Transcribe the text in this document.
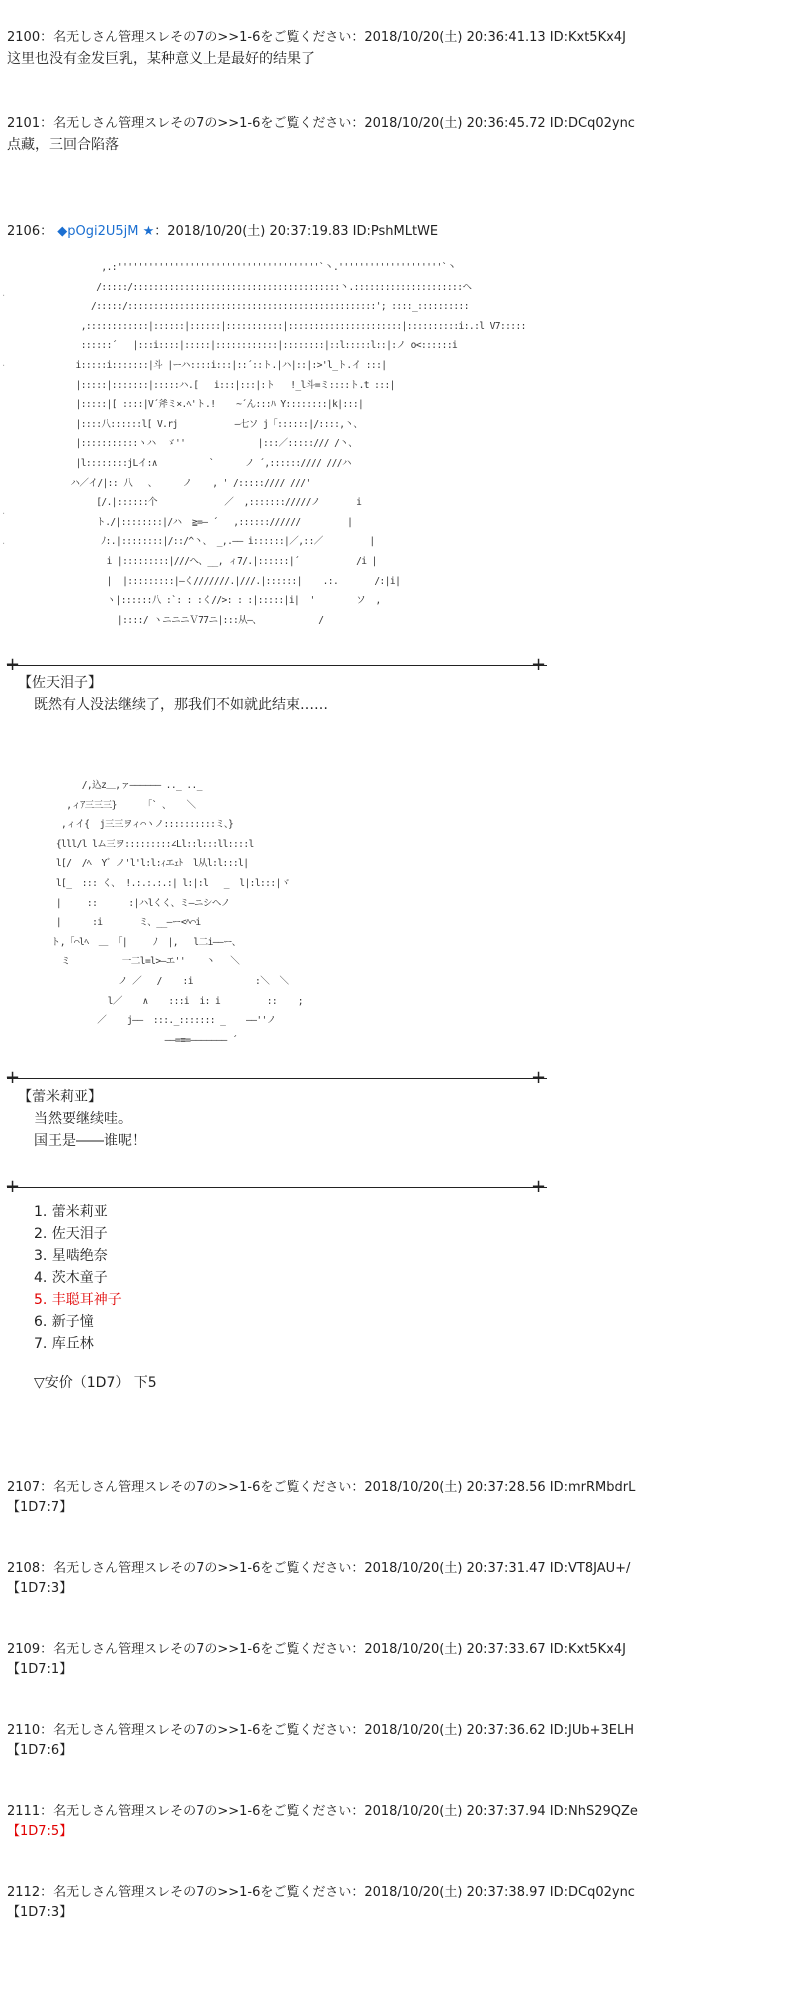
2100：名无しさん管理スレその7の>>1-6をご覧ください：2018/10/20(土) 20:36:41.13 ID:Kxt5Kx4J
这里也没有金发巨乳，某种意义上是最好的结果了
2101：名无しさん管理スレその7の>>1-6をご覧ください：2018/10/20(土) 20:36:45.72 ID:DCq02ync
点藏，三回合陷落
2106： ◆pOgi2U5jM ★：2018/10/20(土) 20:37:19.83 ID:PshMLtWE
.
.
.
.
,.:'''''''''''''''''''''''''''''''''''''''`丶.''''''''''''''''''''`丶
/:::::/::::::::::::::::::::::::::::::::::::::::丶.:::::::::::::::::::::ヘ
/:::::/::::::::::::::::::::::::::::::::::::::::::::::::'; ::::_::::::::::
,::::::::::::|::::::|::::::|:::::::::::|::::::::::::::::::::::|::::::::::i:.:l V7:::::
::::::´   |:::i::::|:::::|::::::::::::|::::::::|::l:::::l::|:ノ o<::::::i
i:::::i:::::::|斗 |ーハ::::i:::|::´::ト.|ハ|::|:>'l_ト.イ :::|
|:::::|:::::::|:::::ハ.[   i:::|:::|:ト   !_l斗=ミ::::ト.t :::|
|:::::|[ ::::|V´斧ミ×.ﾍ'ト.!    ~´ん:::ﾊ Y::::::::|k|:::|
|::::八::::::l[ V.rj           ‒七ソ j「::::::|/::::,丶、
|:::::::::::ヽハ  ゞ''              |:::／:::::/// /丶、
|l::::::::jLイ:∧          `      ノ ´,:::::://// ///ハ
ハ／イ/|:: 八   、     ノ    , ' /::::://// ///'
[/.|::::::个             ／  ,::::::://///ノ       i
ト./|::::::::|/ハ  ≧=‒ ´   ,:::::://////         |
ﾉ:.|::::::::|/::/^丶、 _,.‒‒ i::::::|／,::／         |
i |:::::::::|///へ、__, ィ7/.|::::::|´           /i |
|  |:::::::::|‒く///////.|///.|::::::|    .:.       /:|i|
ヽ|::::::八 :`: : :く//>: : :|:::::|i|  '        ソ  ,
|::::/ ヽニニニＶ77ニ|:::从‒、           /
+	+
【佐天泪子】
既然有人没法继续了，那我们不如就此结束……
/,込z＿,ァ‒‒‒‒‒‒ .._ .._
,ィｱ三三三}     「` 、   ＼
,ィイ{  j三三ヲィ⌒ヽノ::::::::::ミ、}
{lll/l lム三ヲ:::::::::∠Ll::l:::ll::::l
l[/  /ﾍ  Y゛ノ'l'l:l:ｨエｪﾄ  l从l:l:::l|
l[_  ::: く、 !.:.:.:.:| l:|:l   _  l|:l:::|ヾ
|     ::      :|ハlくく、ミ‒ニシヘノ
|      :i       ミ、__‒ー<ﾍ⌒i
ト,「⌒lﾍ  ＿ 「|     ﾉ  |,   l二i‒‒ー、
ミ          一二l=l>‒エ''    丶   ＼
ノ ／   /    :i            :＼  ＼
l／    ∧    :::i  i: i         ::    ;
／    j‒‒  :::._::::::: _    ‒‒''ノ
‒‒=≡=‒‒‒‒‒‒‒ ´
+	+
【蕾米莉亚】
当然要继续哇。
国王是――谁呢！
+	+
1. 蕾米莉亚
2. 佐天泪子
3. 星啮绝奈
4. 茨木童子
5. 丰聪耳神子
6. 新子憧
7. 库丘林
▽安价（1D7） 下5
2107：名无しさん管理スレその7の>>1-6をご覧ください：2018/10/20(土) 20:37:28.56 ID:mrRMbdrL
【1D7:7】
2108：名无しさん管理スレその7の>>1-6をご覧ください：2018/10/20(土) 20:37:31.47 ID:VT8JAU+/
【1D7:3】
2109：名无しさん管理スレその7の>>1-6をご覧ください：2018/10/20(土) 20:37:33.67 ID:Kxt5Kx4J
【1D7:1】
2110：名无しさん管理スレその7の>>1-6をご覧ください：2018/10/20(土) 20:37:36.62 ID:JUb+3ELH
【1D7:6】
2111：名无しさん管理スレその7の>>1-6をご覧ください：2018/10/20(土) 20:37:37.94 ID:NhS29QZe
【1D7:5】
2112：名无しさん管理スレその7の>>1-6をご覧ください：2018/10/20(土) 20:37:38.97 ID:DCq02ync
【1D7:3】
